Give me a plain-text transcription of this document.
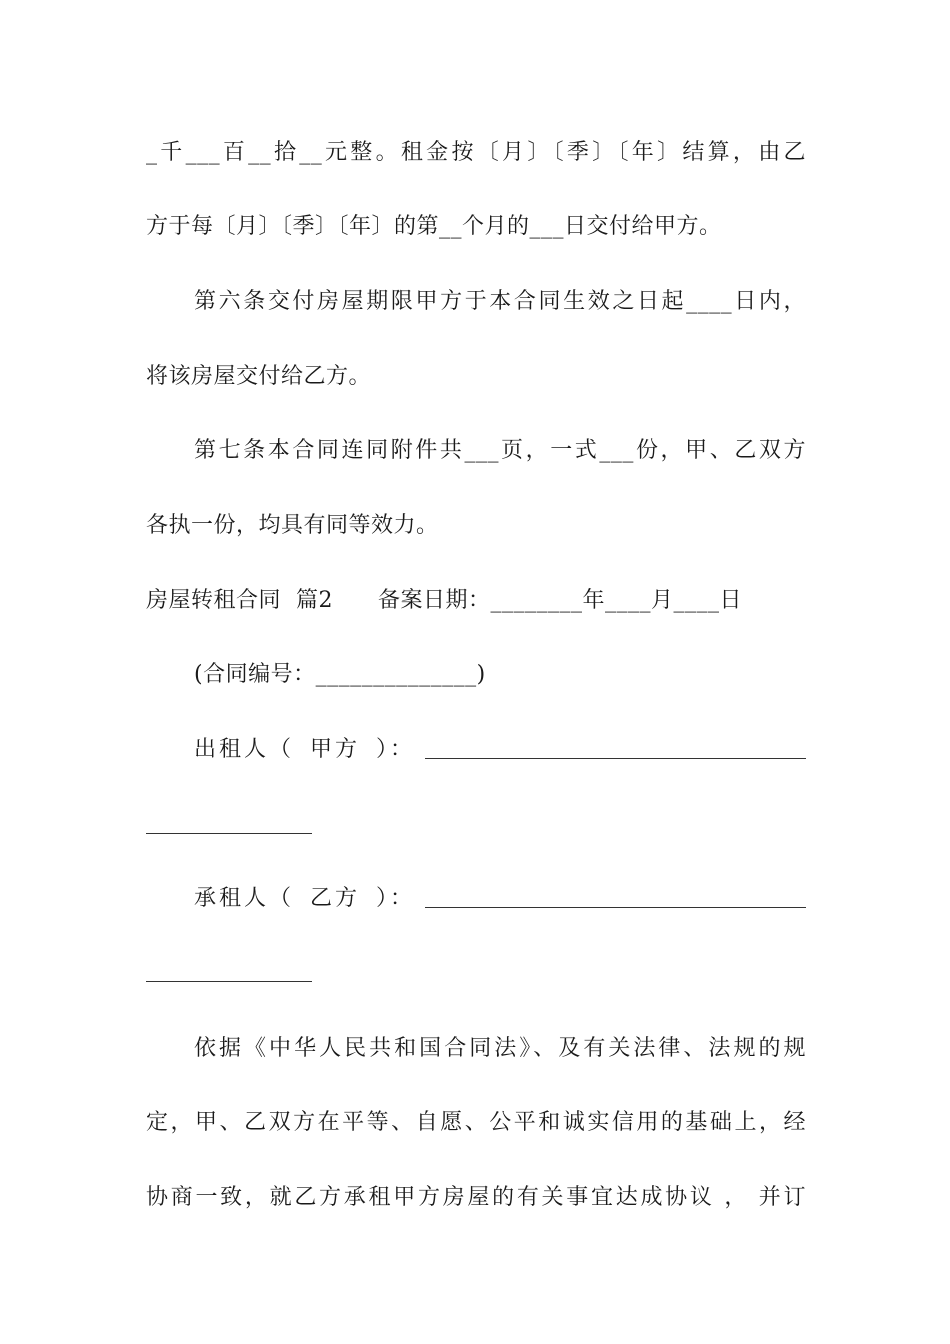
_千___百__拾__元整。租金按〔月〕〔季〕〔年〕结算，由乙
方于每〔月〕〔季〕〔年〕的第__个月的___日交付给甲方。
第六条交付房屋期限甲方于本合同生效之日起____日内，
将该房屋交付给乙方。
第七条本合同连同附件共___页，一式___份，甲、乙双方
各执一份，均具有同等效力。
房屋转租合同  篇2      备案日期：________年____月____日
(合同编号：______________)
出租人（ 甲方 ）：
承租人（ 乙方 ）：
依据《中华人民共和国合同法》、及有关法律、法规的规
定，甲、乙双方在平等、自愿、公平和诚实信用的基础上，经
协商一致，就乙方承租甲方房屋的有关事宜达成协议 ， 并订
